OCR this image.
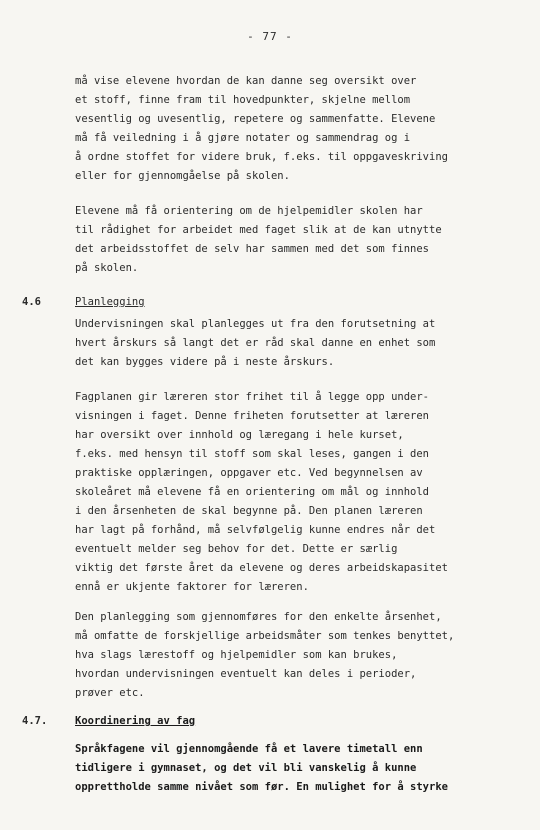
- 77 -
må vise elevene hvordan de kan danne seg oversikt over
et stoff, finne fram til hovedpunkter, skjelne mellom
vesentlig og uvesentlig, repetere og sammenfatte. Elevene
må få veiledning i å gjøre notater og sammendrag og i
å ordne stoffet for videre bruk, f.eks. til oppgaveskriving
eller for gjennomgåelse på skolen.
Elevene må få orientering om de hjelpemidler skolen har
til rådighet for arbeidet med faget slik at de kan utnytte
det arbeidsstoffet de selv har sammen med det som finnes
på skolen.
4.6	Planlegging
Undervisningen skal planlegges ut fra den forutsetning at
hvert årskurs så langt det er råd skal danne en enhet som
det kan bygges videre på i neste årskurs.
Fagplanen gir læreren stor frihet til å legge opp under-
visningen i faget. Denne friheten forutsetter at læreren
har oversikt over innhold og læregang i hele kurset,
f.eks. med hensyn til stoff som skal leses, gangen i den
praktiske opplæringen, oppgaver etc. Ved begynnelsen av
skoleåret må elevene få en orientering om mål og innhold
i den årsenheten de skal begynne på. Den planen læreren
har lagt på forhånd, må selvfølgelig kunne endres når det
eventuelt melder seg behov for det. Dette er særlig
viktig det første året da elevene og deres arbeidskapasitet
ennå er ukjente faktorer for læreren.
Den planlegging som gjennomføres for den enkelte årsenhet,
må omfatte de forskjellige arbeidsmåter som tenkes benyttet,
hva slags lærestoff og hjelpemidler som kan brukes,
hvordan undervisningen eventuelt kan deles i perioder,
prøver etc.
4.7.	Koordinering av fag
Språkfagene vil gjennomgående få et lavere timetall enn
tidligere i gymnaset, og det vil bli vanskelig å kunne
opprettholde samme nivået som før. En mulighet for å styrke
